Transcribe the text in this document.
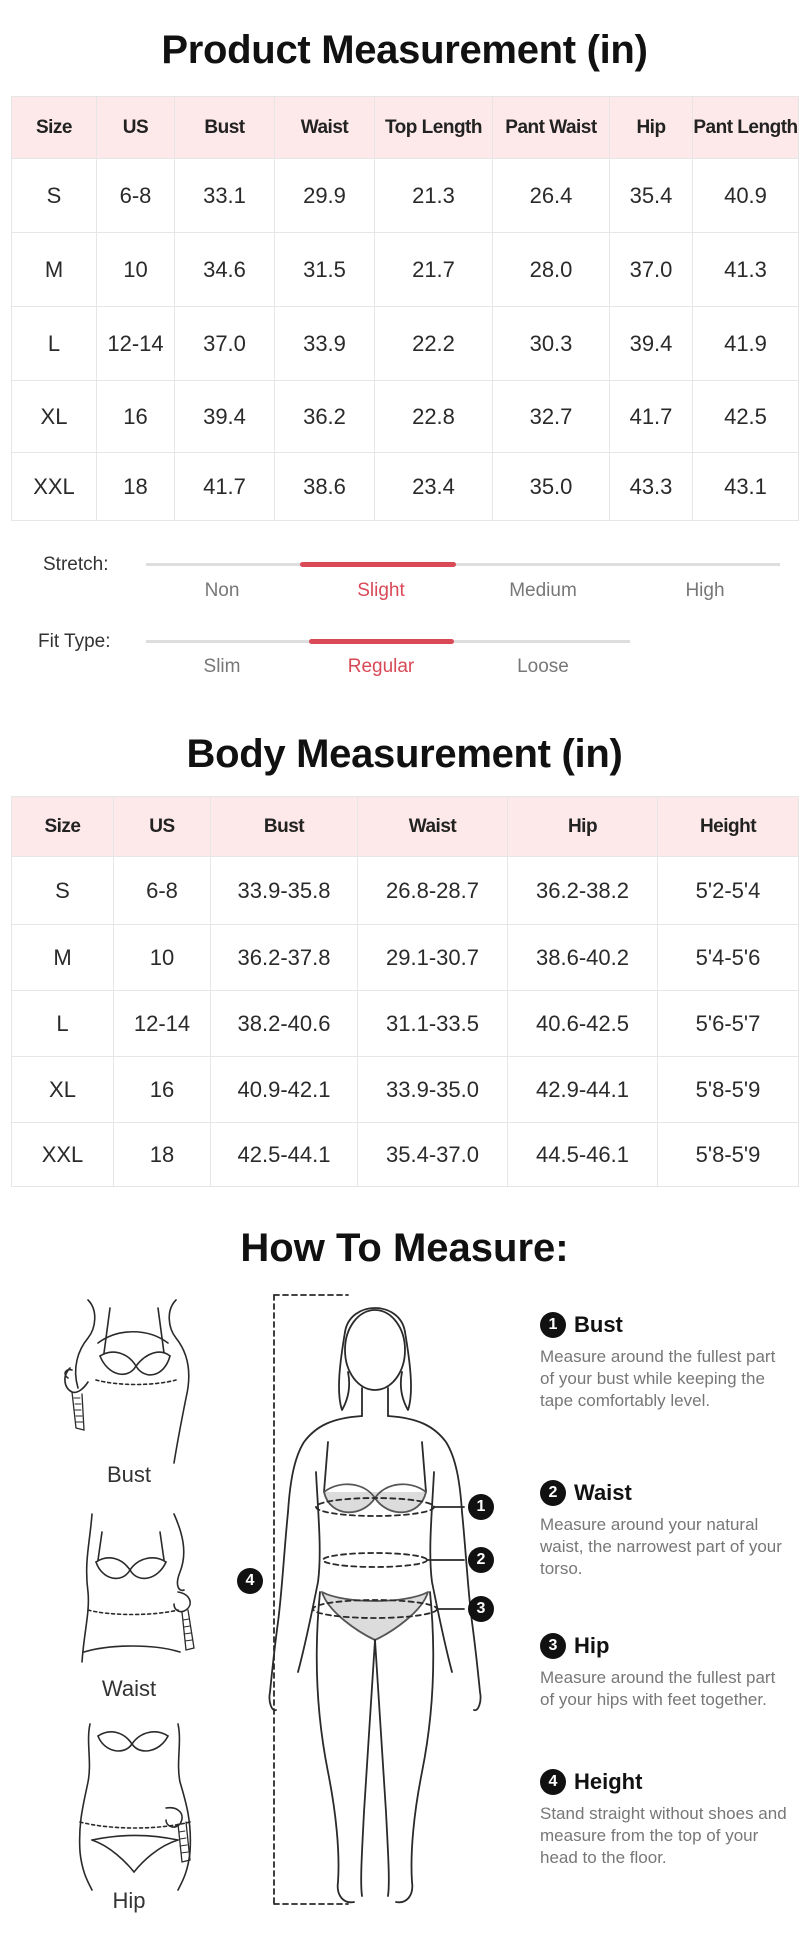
Product Measurement (in)
Size	US	Bust	Waist	Top Length	Pant Waist	Hip	Pant Length
S	6-8	33.1	29.9	21.3	26.4	35.4	40.9
M	10	34.6	31.5	21.7	28.0	37.0	41.3
L	12-14	37.0	33.9	22.2	30.3	39.4	41.9
XL	16	39.4	36.2	22.8	32.7	41.7	42.5
XXL	18	41.7	38.6	23.4	35.0	43.3	43.1
Stretch:
Non	Slight	Medium	High
Fit Type:
Slim	Regular	Loose
Body Measurement (in)
Size	US	Bust	Waist	Hip	Height
S	6-8	33.9-35.8	26.8-28.7	36.2-38.2	5'2-5'4
M	10	36.2-37.8	29.1-30.7	38.6-40.2	5'4-5'6
L	12-14	38.2-40.6	31.1-33.5	40.6-42.5	5'6-5'7
XL	16	40.9-42.1	33.9-35.0	42.9-44.1	5'8-5'9
XXL	18	42.5-44.1	35.4-37.0	44.5-46.1	5'8-5'9
How To Measure:
Bust
Waist
Hip
1
2
3
4
1 Bust
Measure around the fullest part of your bust while keeping the tape comfortably level.
2 Waist
Measure around your natural waist, the narrowest part of your torso.
3 Hip
Measure around the fullest part of your hips with feet together.
4 Height
Stand straight without shoes and measure from the top of your head to the floor.
